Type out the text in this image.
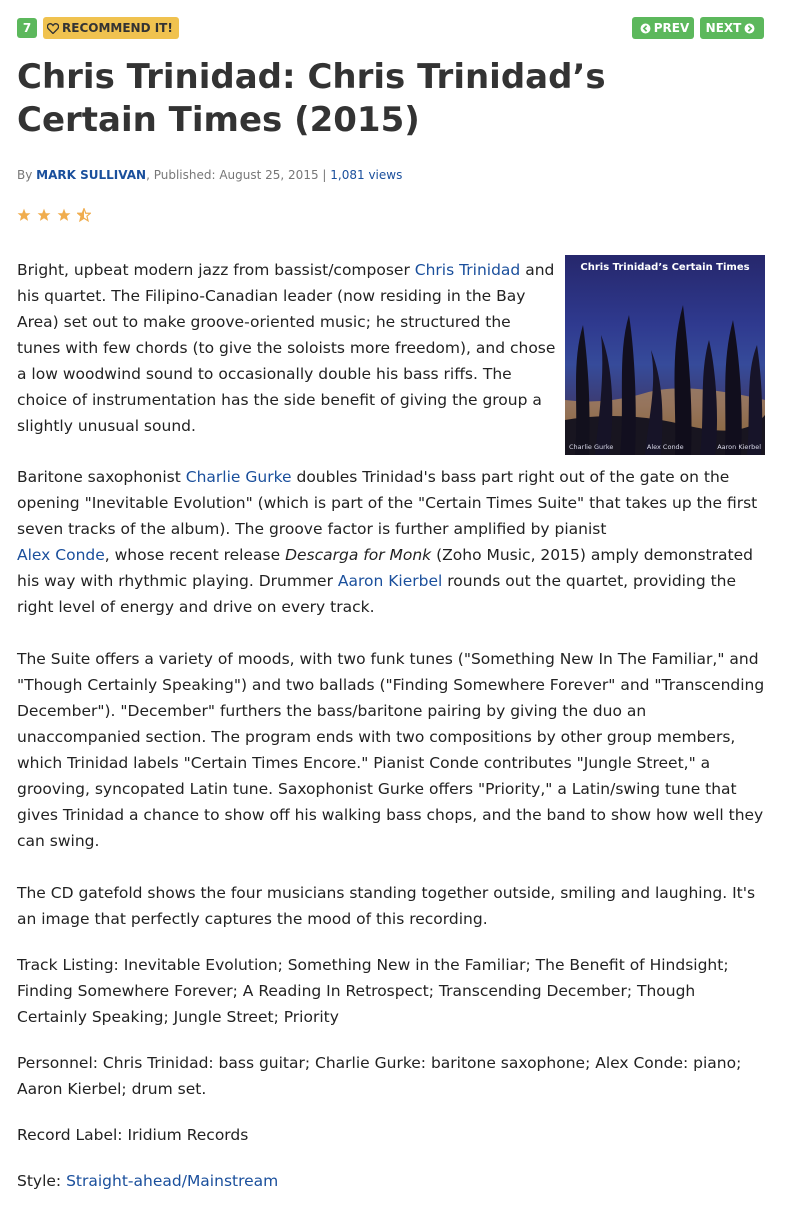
7	RECOMMEND IT!	PREV NEXT
Chris Trinidad: Chris Trinidad’s Certain Times (2015)
By MARK SULLIVAN, Published: August 25, 2015 | 1,081 views
Chris Trinidad’s Certain Times
Charlie Gurke	Alex Conde	Aaron Kierbel

Bright, upbeat modern jazz from bassist/composer Chris Trinidad and his quartet. The Filipino-Canadian leader (now residing in the Bay Area) set out to make groove-oriented music; he structured the tunes with few chords (to give the soloists more freedom), and chose a low woodwind sound to occasionally double his bass riffs. The choice of instrumentation has the side benefit of giving the group a slightly unusual sound.

Baritone saxophonist Charlie Gurke doubles Trinidad's bass part right out of the gate on the opening "Inevitable Evolution" (which is part of the "Certain Times Suite" that takes up the first seven tracks of the album). The groove factor is further amplified by pianist
Alex Conde, whose recent release Descarga for Monk (Zoho Music, 2015) amply demonstrated his way with rhythmic playing. Drummer Aaron Kierbel rounds out the quartet, providing the right level of energy and drive on every track.

The Suite offers a variety of moods, with two funk tunes ("Something New In The Familiar," and "Though Certainly Speaking") and two ballads ("Finding Somewhere Forever" and "Transcending December"). "December" furthers the bass/baritone pairing by giving the duo an unaccompanied section. The program ends with two compositions by other group members, which Trinidad labels "Certain Times Encore." Pianist Conde contributes "Jungle Street," a grooving, syncopated Latin tune. Saxophonist Gurke offers "Priority," a Latin/swing tune that gives Trinidad a chance to show off his walking bass chops, and the band to show how well they can swing.

The CD gatefold shows the four musicians standing together outside, smiling and laughing. It's an image that perfectly captures the mood of this recording.

Track Listing: Inevitable Evolution; Something New in the Familiar; The Benefit of Hindsight; Finding Somewhere Forever; A Reading In Retrospect; Transcending December; Though Certainly Speaking; Jungle Street; Priority

Personnel: Chris Trinidad: bass guitar; Charlie Gurke: baritone saxophone; Alex Conde: piano; Aaron Kierbel; drum set.

Record Label: Iridium Records

Style: Straight-ahead/Mainstream
